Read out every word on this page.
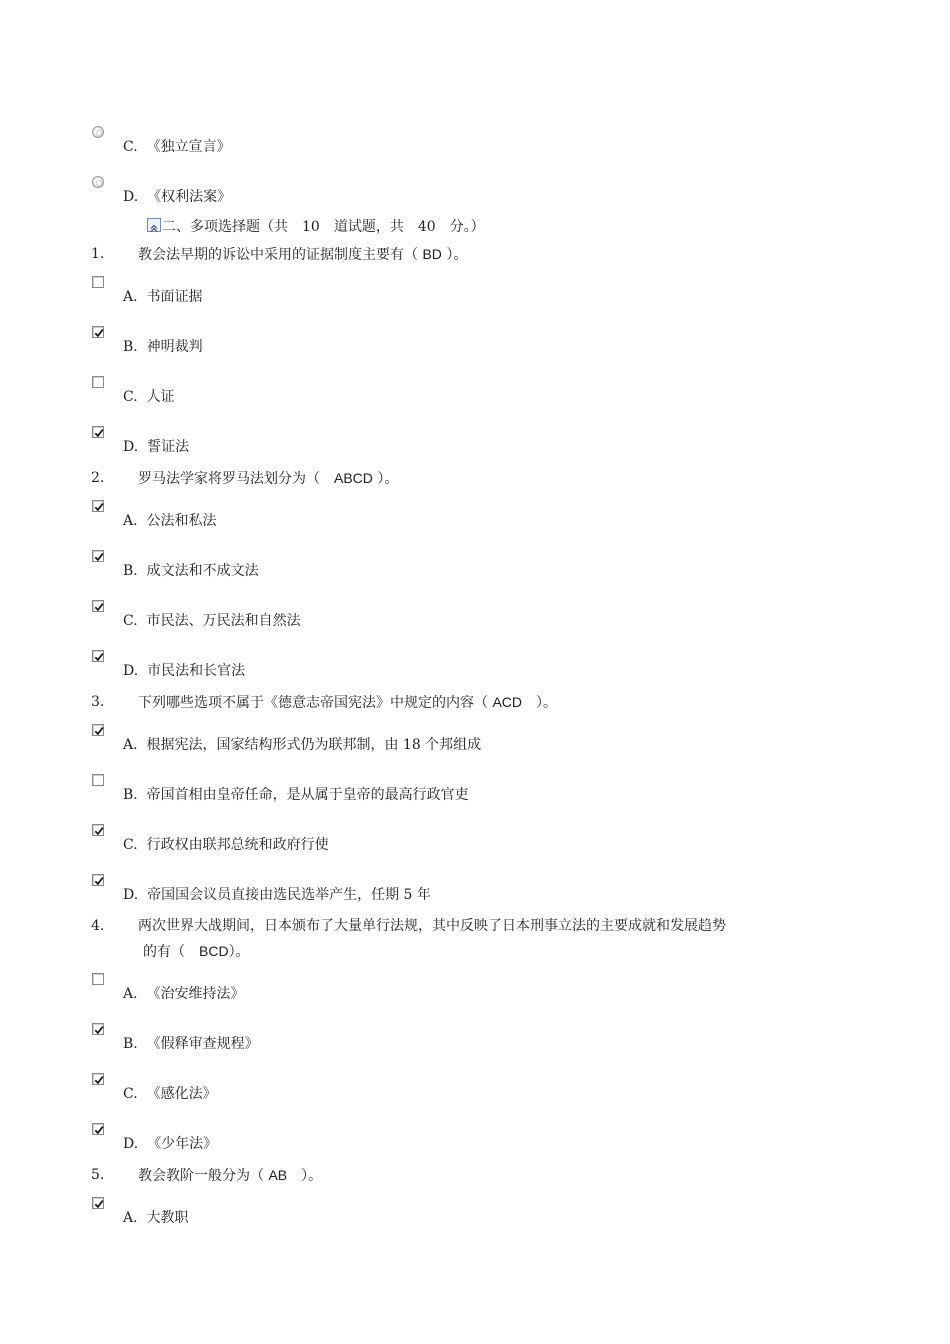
C. 《独立宣言》
D. 《权利法案》
二、多项选择题（共　10　道试题，共　40　分。）
1. 教会法早期的诉讼中采用的证据制度主要有（ BD ）。
A. 书面证据
B. 神明裁判
C. 人证
D. 誓证法
2. 罗马法学家将罗马法划分为（　ABCD ）。
A. 公法和私法
B. 成文法和不成文法
C. 市民法、万民法和自然法
D. 市民法和长官法
3. 下列哪些选项不属于《德意志帝国宪法》中规定的内容（ ACD　）。
A. 根据宪法，国家结构形式仍为联邦制，由 18 个邦组成
B. 帝国首相由皇帝任命，是从属于皇帝的最高行政官吏
C. 行政权由联邦总统和政府行使
D. 帝国国会议员直接由选民选举产生，任期 5 年
4. 两次世界大战期间，日本颁布了大量单行法规，其中反映了日本刑事立法的主要成就和发展趋势
的有（　BCD）。
A. 《治安维持法》
B. 《假释审查规程》
C. 《感化法》
D. 《少年法》
5. 教会教阶一般分为（ AB　）。
A. 大教职
